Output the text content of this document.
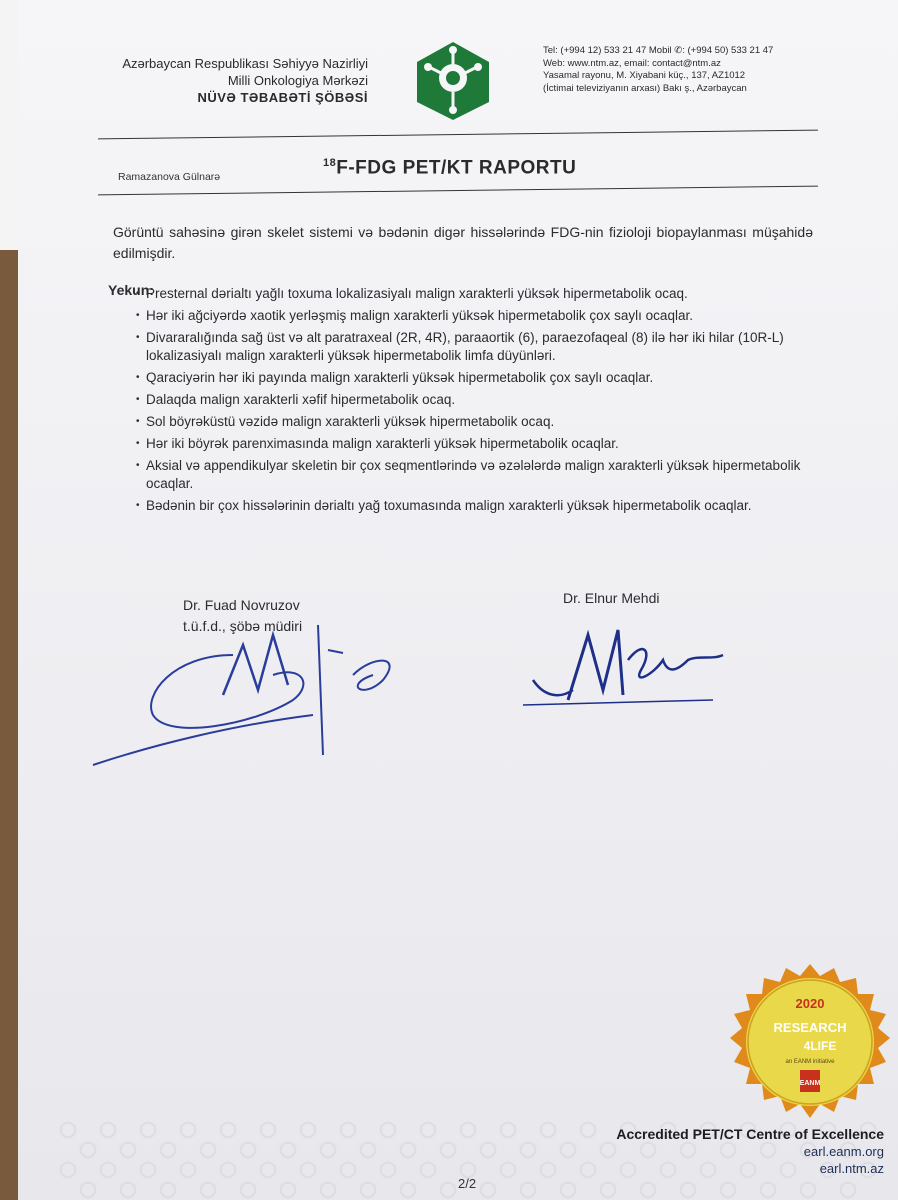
Azərbaycan Respublikası Səhiyyə Nazirliyi
Milli Onkologiya Mərkəzi
NÜVƏ TƏBABƏTİ ŞÖBƏSİ
Tel: (+994 12) 533 21 47 Mobil ✆: (+994 50) 533 21 47
Web: www.ntm.az, email: contact@ntm.az
Yasamal rayonu, M. Xiyabani küç., 137, AZ1012
(İctimai televiziyanın arxası) Bakı ş., Azərbaycan
Ramazanova Gülnarə
$^{18}$F-FDG PET/KT RAPORTU
Görüntü sahəsinə girən skelet sistemi və bədənin digər hissələrində FDG-nin fizioloji biopaylanması müşahidə edilmişdir.
Yekun:
• Presternal dərialtı yağlı toxuma lokalizasiyalı malign xarakterli yüksək hipermetabolik ocaq.
• Hər iki ağciyərdə xaotik yerləşmiş malign xarakterli yüksək hipermetabolik çox saylı ocaqlar.
• Divararalığında sağ üst və alt paratraxeal (2R, 4R), paraaortik (6), paraezofaqeal (8) ilə hər iki hilar (10R-L) lokalizasiyalı malign xarakterli yüksək hipermetabolik limfa düyünləri.
• Qaraciyərin hər iki payında malign xarakterli yüksək hipermetabolik çox saylı ocaqlar.
• Dalaqda malign xarakterli xəfif hipermetabolik ocaq.
• Sol böyrəküstü vəzidə malign xarakterli yüksək hipermetabolik ocaq.
• Hər iki böyrək parenximasında malign xarakterli yüksək hipermetabolik ocaqlar.
• Aksial və appendikulyar skeletin bir çox seqmentlərində və əzələlərdə malign xarakterli yüksək hipermetabolik ocaqlar.
• Bədənin bir çox hissələrinin dərialtı yağ toxumasında malign xarakterli yüksək hipermetabolik ocaqlar.
Dr. Fuad Novruzov
t.ü.f.d., şöbə müdiri
Dr. Elnur Mehdi
2020
RESEARCH
4LIFE
an EANM initiative
EANM
Accredited PET/CT Centre of Excellence
earl.eanm.org
earl.ntm.az
2/2
